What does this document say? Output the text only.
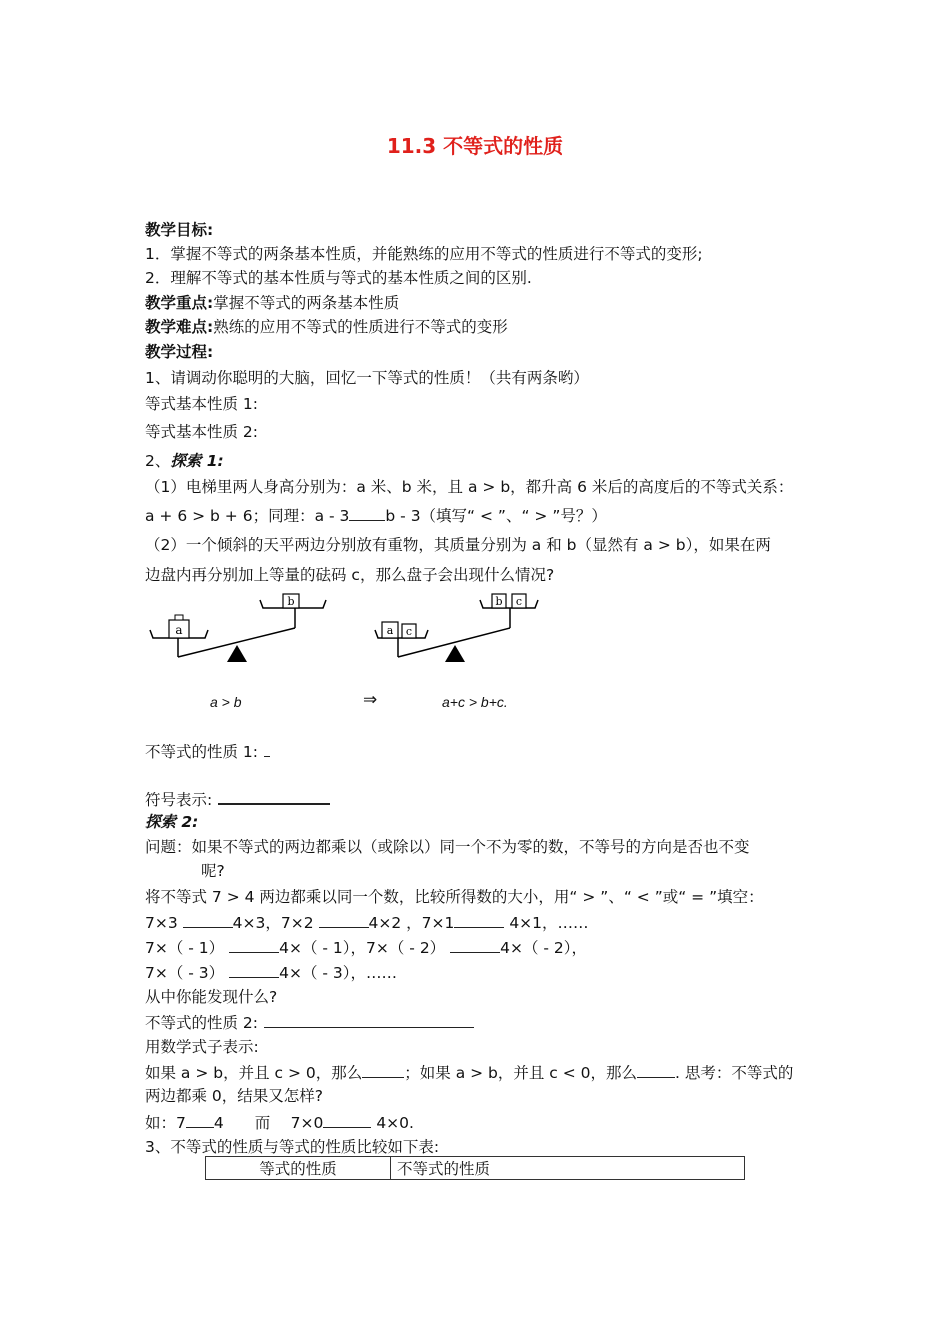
11.3 不等式的性质
教学目标:
1．掌握不等式的两条基本性质，并能熟练的应用不等式的性质进行不等式的变形;
2．理解不等式的基本性质与等式的基本性质之间的区别.
教学重点:掌握不等式的两条基本性质
教学难点:熟练的应用不等式的性质进行不等式的变形
教学过程:
1、请调动你聪明的大脑，回忆一下等式的性质！（共有两条哟）
等式基本性质 1:
等式基本性质 2:
2、探索 1:
（1）电梯里两人身高分别为：a 米、b 米，且 a > b，都升高 6 米后的高度后的不等式关系：
a + 6 > b + 6；同理：a - 3 b - 3（填写“ < ”、“ > ”号？）
（2）一个倾斜的天平两边分别放有重物，其质量分别为 a 和 b（显然有 a > b），如果在两
边盘内再分别加上等量的砝码 c，那么盘子会出现什么情况?
a
b
a c
b c
a > b	⇒	a+c > b+c.
不等式的性质 1:
符号表示:
探索 2:
问题：如果不等式的两边都乘以（或除以）同一个不为零的数，不等号的方向是否也不变
呢?
将不等式 7 > 4 两边都乘以同一个数，比较所得数的大小，用“ > ”、“ < ”或“ = ”填空：
7×3	4×3，7×2	4×2 ，7×1	4×1，……
7×（ - 1）	4×（ - 1），7×（ - 2）	4×（ - 2），
7×（ - 3）	4×（ - 3），……
从中你能发现什么?
不等式的性质 2:
用数学式子表示:
如果 a > b，并且 c > 0，那么	；如果 a > b，并且 c < 0，那么 . 思考：不等式的
两边都乘 0，结果又怎样?
如：7 4　　而　 7×0	4×0.
3、不等式的性质与等式的性质比较如下表:
等式的性质	不等式的性质
